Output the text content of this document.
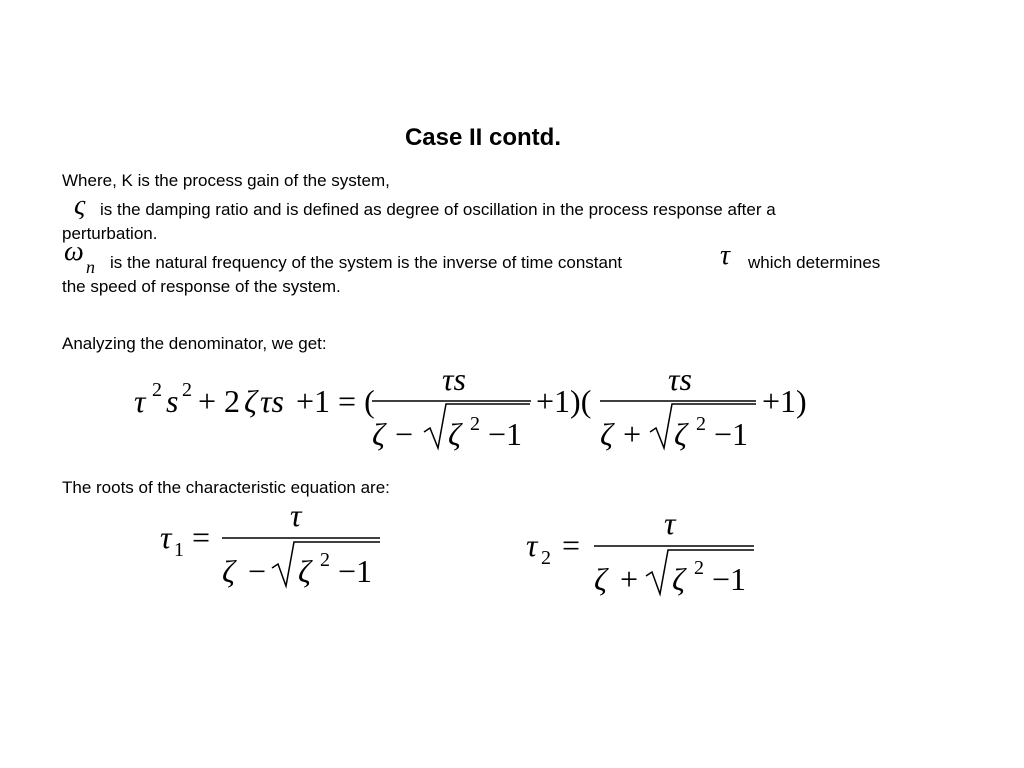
Case II contd.
Where, K is the process gain of the system,
ς is the damping ratio and is defined as degree of oscillation in the process response after a
perturbation.
ω n is the natural frequency of the system is the inverse of time constant	τ which determines
the speed of response of the system.
Analyzing the denominator, we get:
τ 2 s 2 + 2 ζ τs +1 = (
τs
ζ − ζ 2 −1
+1)(
τs
ζ + ζ 2 −1
+1)
τ 1 =
τ
ζ − ζ 2 −1
τ 2 =
τ
ζ + ζ 2 −1
The roots of the characteristic equation are:
